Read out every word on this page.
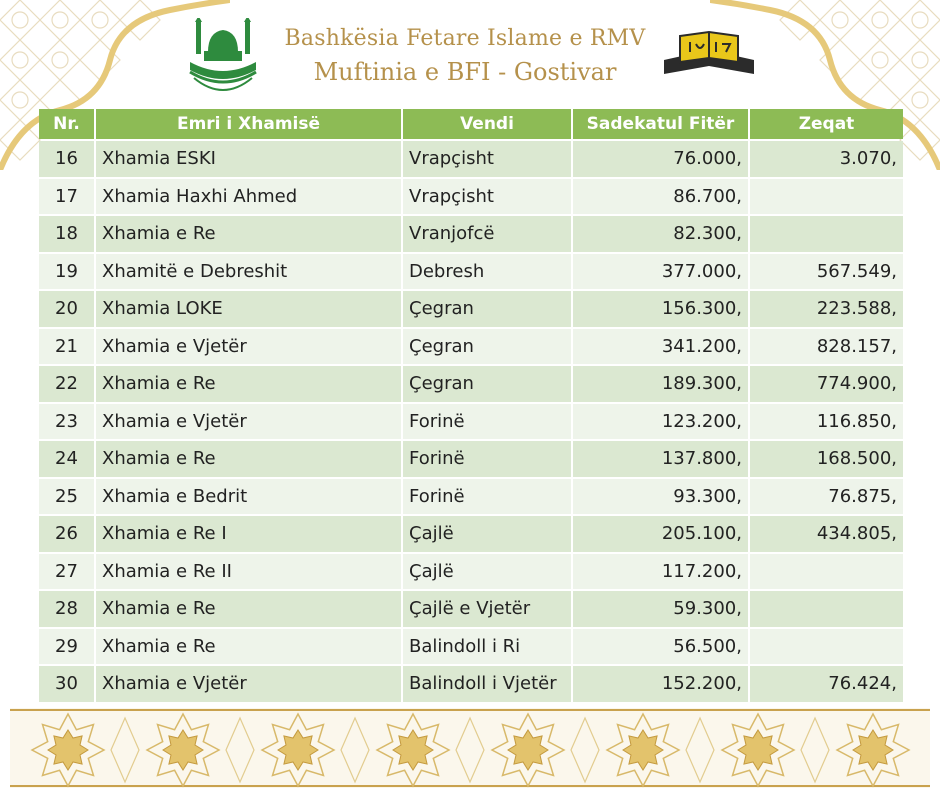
Bashkësia Fetare Islame e RMV
Muftinia e BFI - Gostivar
Nr.	Emri i Xhamisë	Vendi	Sadekatul Fitër	Zeqat
16	Xhamia ESKI	Vrapçisht	76.000,	3.070,
17	Xhamia Haxhi Ahmed	Vrapçisht	86.700,	
18	Xhamia e Re	Vranjofcë	82.300,	
19	Xhamitë e Debreshit	Debresh	377.000,	567.549,
20	Xhamia LOKE	Çegran	156.300,	223.588,
21	Xhamia e Vjetër	Çegran	341.200,	828.157,
22	Xhamia e Re	Çegran	189.300,	774.900,
23	Xhamia e Vjetër	Forinë	123.200,	116.850,
24	Xhamia e Re	Forinë	137.800,	168.500,
25	Xhamia e Bedrit	Forinë	93.300,	76.875,
26	Xhamia e Re I	Çajlë	205.100,	434.805,
27	Xhamia e Re II	Çajlë	117.200,	
28	Xhamia e Re	Çajlë e Vjetër	59.300,	
29	Xhamia e Re	Balindoll i Ri	56.500,	
30	Xhamia e Vjetër	Balindoll i Vjetër	152.200,	76.424,
